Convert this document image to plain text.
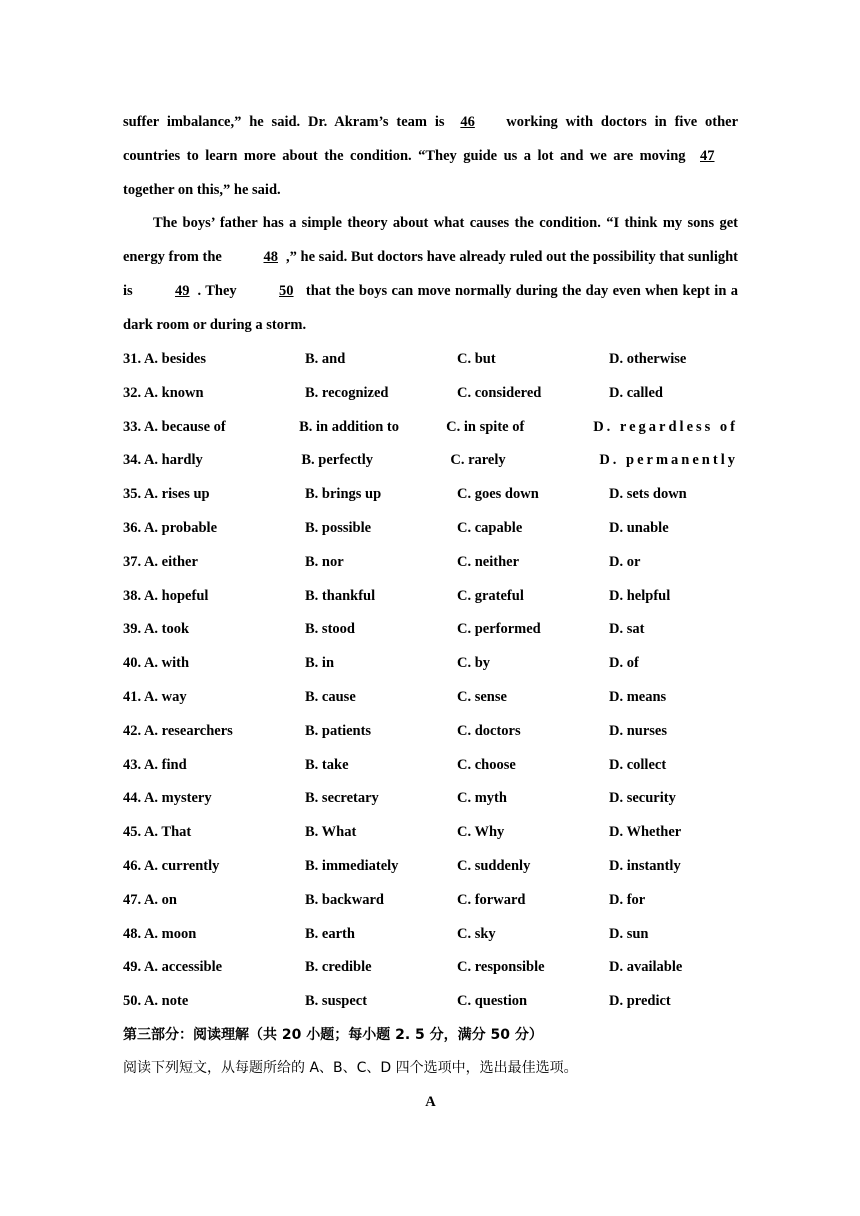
suffer imbalance,” he said. Dr. Akram’s team is 46 working with doctors in five other countries to learn more about the condition. “They guide us a lot and we are moving 47 together on this,” he said.

The boys’ father has a simple theory about what causes the condition. “I think my sons get energy from the	48 ,” he said. But doctors have already ruled out the possibility that sunlight is	49 . They	50 that the boys can move normally during the day even when kept in a dark room or during a storm.

31. A. besides	B. and	C. but	D. otherwise
32. A. known	B. recognized	C. considered	D. called
33. A. because of	B. in addition to	C. in spite of	D. regardless of
34. A. hardly	B. perfectly	C. rarely	D. permanently
35. A. rises up	B. brings up	C. goes down	D. sets down
36. A. probable	B. possible	C. capable	D. unable
37. A. either	B. nor	C. neither	D. or
38. A. hopeful	B. thankful	C. grateful	D. helpful
39. A. took	B. stood	C. performed	D. sat
40. A. with	B. in	C. by	D. of
41. A. way	B. cause	C. sense	D. means
42. A. researchers	B. patients	C. doctors	D. nurses
43. A. find	B. take	C. choose	D. collect
44. A. mystery	B. secretary	C. myth	D. security
45. A. That	B. What	C. Why	D. Whether
46. A. currently	B. immediately	C. suddenly	D. instantly
47. A. on	B. backward	C. forward	D. for
48. A. moon	B. earth	C. sky	D. sun
49. A. accessible	B. credible	C. responsible	D. available
50. A. note	B. suspect	C. question	D. predict

第三部分：阅读理解（共 20 小题；每小题 2. 5 分，满分 50 分）

阅读下列短文，从每题所给的 A、B、C、D 四个选项中，选出最佳选项。

A
